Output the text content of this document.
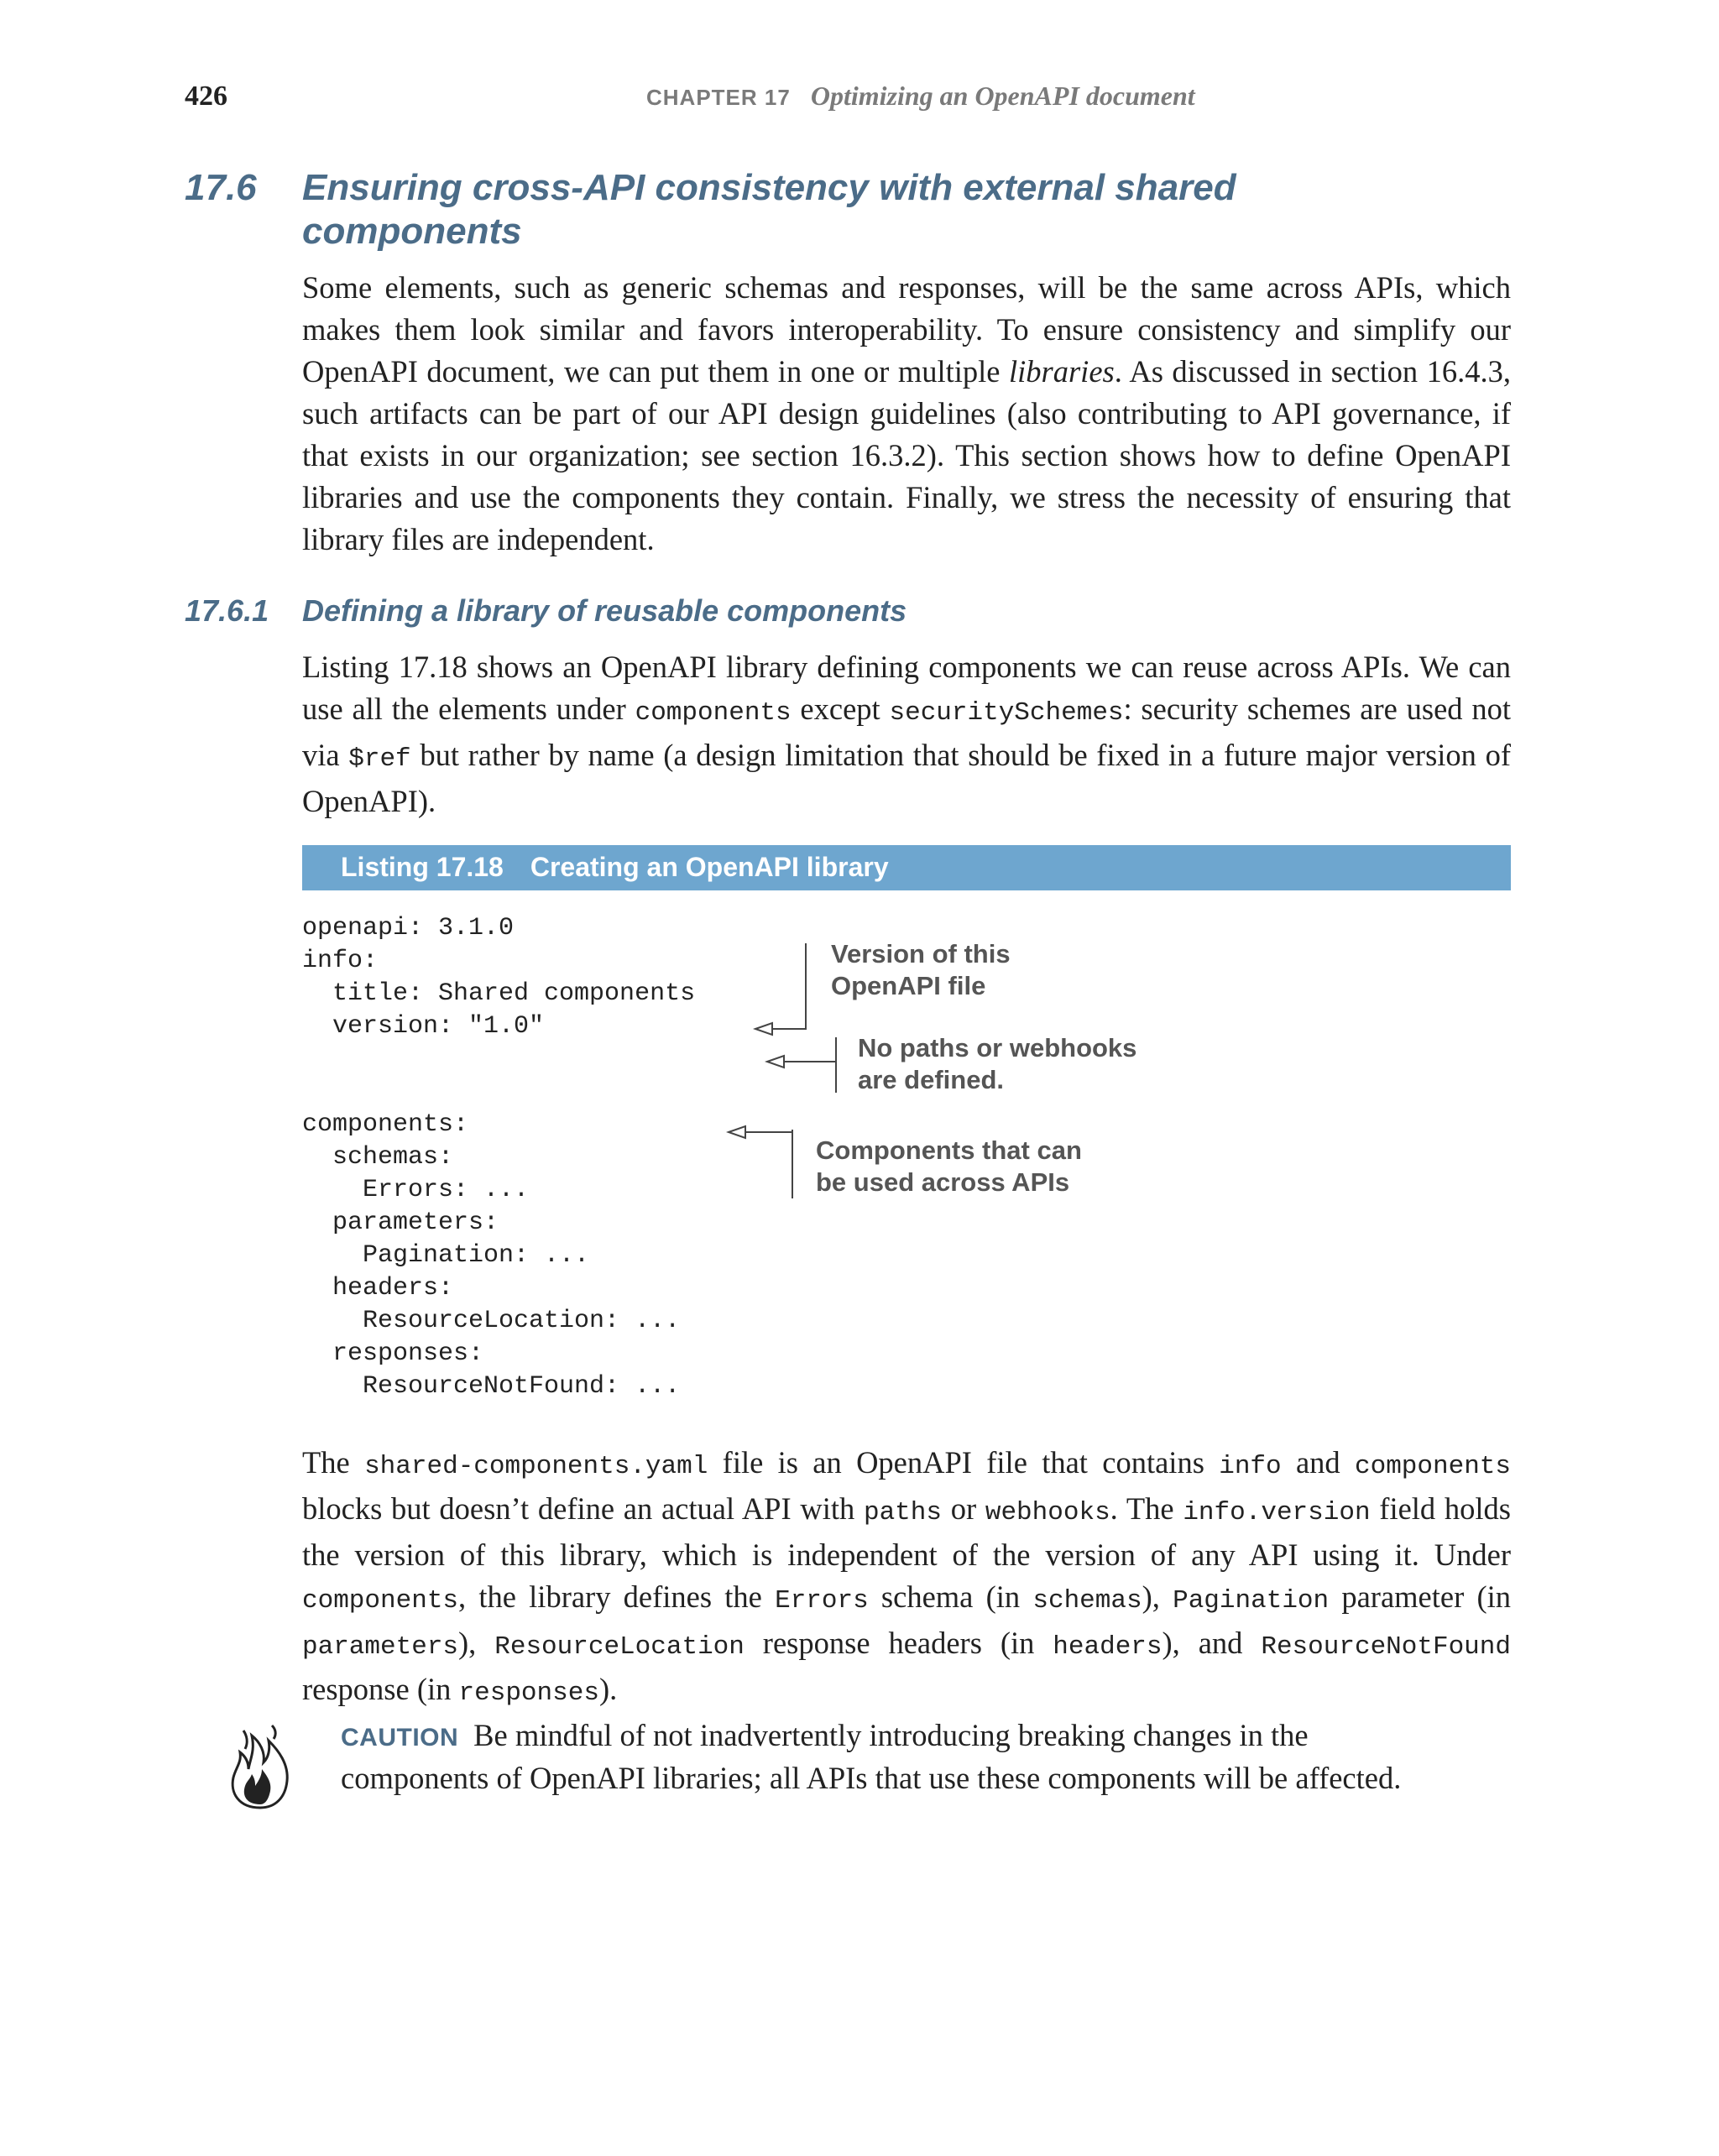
426	CHAPTER 17 Optimizing an OpenAPI document
17.6 Ensuring cross-API consistency with external shared components

Some elements, such as generic schemas and responses, will be the same across APIs, which makes them look similar and favors interoperability. To ensure consistency and simplify our OpenAPI document, we can put them in one or multiple libraries. As discussed in section 16.4.3, such artifacts can be part of our API design guidelines (also contributing to API governance, if that exists in our organization; see section 16.3.2). This section shows how to define OpenAPI libraries and use the components they contain. Finally, we stress the necessity of ensuring that library files are independent.

17.6.1 Defining a library of reusable components

Listing 17.18 shows an OpenAPI library defining components we can reuse across APIs. We can use all the elements under components except securitySchemes: security schemes are used not via $ref but rather by name (a design limitation that should be fixed in a future major version of OpenAPI).

Listing 17.18 Creating an OpenAPI library
openapi: 3.1.0
info:
title: Shared components
version: "1.0"

components:
schemas:
Errors: ...
parameters:
Pagination: ...
headers:
ResourceLocation: ...
responses:
ResourceNotFound: ...
Version of this
OpenAPI file
No paths or webhooks
are defined.
Components that can
be used across APIs

The shared-components.yaml file is an OpenAPI file that contains info and components blocks but doesn’t define an actual API with paths or webhooks. The info.version field holds the version of this library, which is independent of the version of any API using it. Under components, the library defines the Errors schema (in schemas), Pagination parameter (in parameters), ResourceLocation response headers (in headers), and ResourceNotFound response (in responses).

CAUTION Be mindful of not inadvertently introducing breaking changes in the components of OpenAPI libraries; all APIs that use these components will be affected.
